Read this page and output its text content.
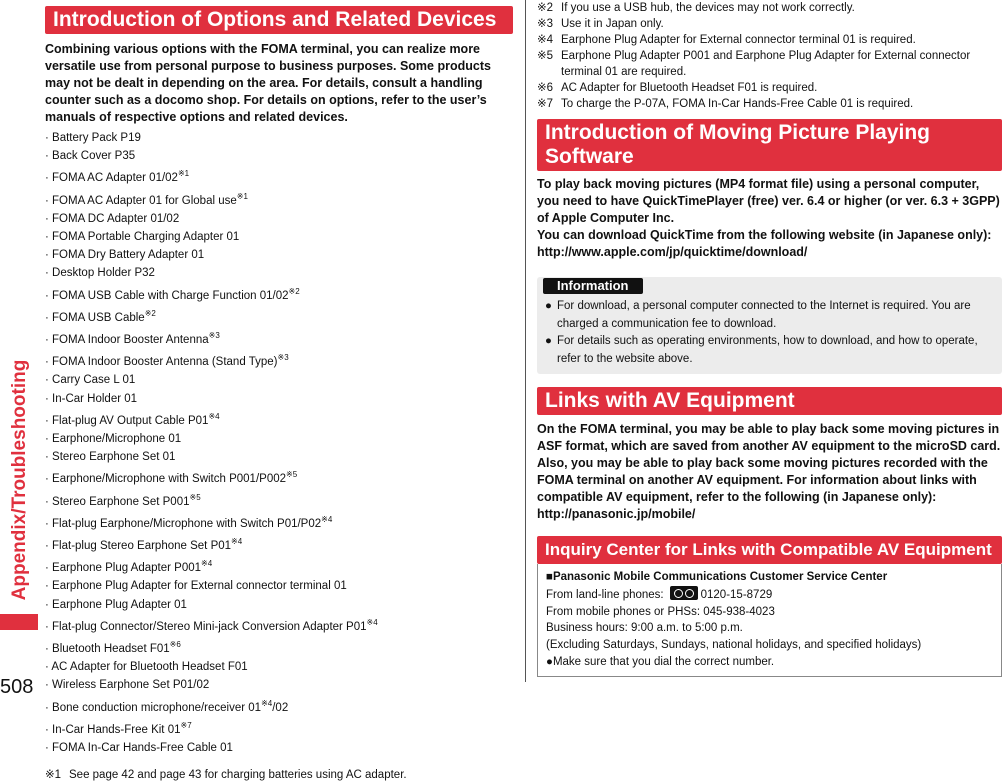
Appendix/Troubleshooting
508
Introduction of Options and Related Devices

Combining various options with the FOMA terminal, you can realize more versatile use from personal purpose to business purposes. Some products may not be dealt in depending on the area. For details, consult a handling counter such as a docomo shop. For details on options, refer to the user’s manuals of respective options and related devices.

· Battery Pack P19
· Back Cover P35
· FOMA AC Adapter $01/02^{※1}$
· FOMA AC Adapter 01 for Global use$^{※1}$
· FOMA DC Adapter 01/02
· FOMA Portable Charging Adapter 01
· FOMA Dry Battery Adapter 01
· Desktop Holder P32
· FOMA USB Cable with Charge Function $01/02^{※2}$
· FOMA USB Cable$^{※2}$
· FOMA Indoor Booster Antenna$^{※3}$
· FOMA Indoor Booster Antenna (Stand Type)$^{※3}$
· Carry Case L 01
· In-Car Holder 01
· Flat-plug AV Output Cable $P01^{※4}$
· Earphone/Microphone 01
· Stereo Earphone Set 01
· Earphone/Microphone with Switch $P001/P002^{※5}$
· Stereo Earphone Set $P001^{※5}$
· Flat-plug Earphone/Microphone with Switch $P01/P02^{※4}$
· Flat-plug Stereo Earphone Set $P01^{※4}$
· Earphone Plug Adapter $P001^{※4}$
· Earphone Plug Adapter for External connector terminal 01
· Earphone Plug Adapter 01
· Flat-plug Connector/Stereo Mini-jack Conversion Adapter $P01^{※4}$
· Bluetooth Headset $F01^{※6}$
· AC Adapter for Bluetooth Headset F01
· Wireless Earphone Set P01/02
· Bone conduction microphone/receiver $01^{※4}/02$
· In-Car Hands-Free Kit $01^{※7}$
· FOMA In-Car Hands-Free Cable 01
※1 See page 42 and page 43 for charging batteries using AC adapter.
※2 If you use a USB hub, the devices may not work correctly.
※3 Use it in Japan only.
※4 Earphone Plug Adapter for External connector terminal 01 is required.
※5 Earphone Plug Adapter P001 and Earphone Plug Adapter for External connector terminal 01 are required.
※6 AC Adapter for Bluetooth Headset F01 is required.
※7 To charge the P-07A, FOMA In-Car Hands-Free Cable 01 is required.
Introduction of Moving Picture Playing Software

To play back moving pictures (MP4 format file) using a personal computer, you need to have QuickTimePlayer (free) ver. 6.4 or higher (or ver. 6.3 + 3GPP) of Apple Computer Inc.
You can download QuickTime from the following website (in Japanese only):
http://www.apple.com/jp/quicktime/download/

Information
● For download, a personal computer connected to the Internet is required. You are charged a communication fee to download.
● For details such as operating environments, how to download, and how to operate, refer to the website above.
Links with AV Equipment

On the FOMA terminal, you may be able to play back some moving pictures in ASF format, which are saved from another AV equipment to the microSD card. Also, you may be able to play back some moving pictures recorded with the FOMA terminal on another AV equipment. For information about links with compatible AV equipment, refer to the following (in Japanese only):
http://panasonic.jp/mobile/

Inquiry Center for Links with Compatible AV Equipment
■Panasonic Mobile Communications Customer Service Center
From land-line phones:	0120-15-8729
From mobile phones or PHSs: 045-938-4023
Business hours: 9:00 a.m. to 5:00 p.m.
(Excluding Saturdays, Sundays, national holidays, and specified holidays)
●Make sure that you dial the correct number.
